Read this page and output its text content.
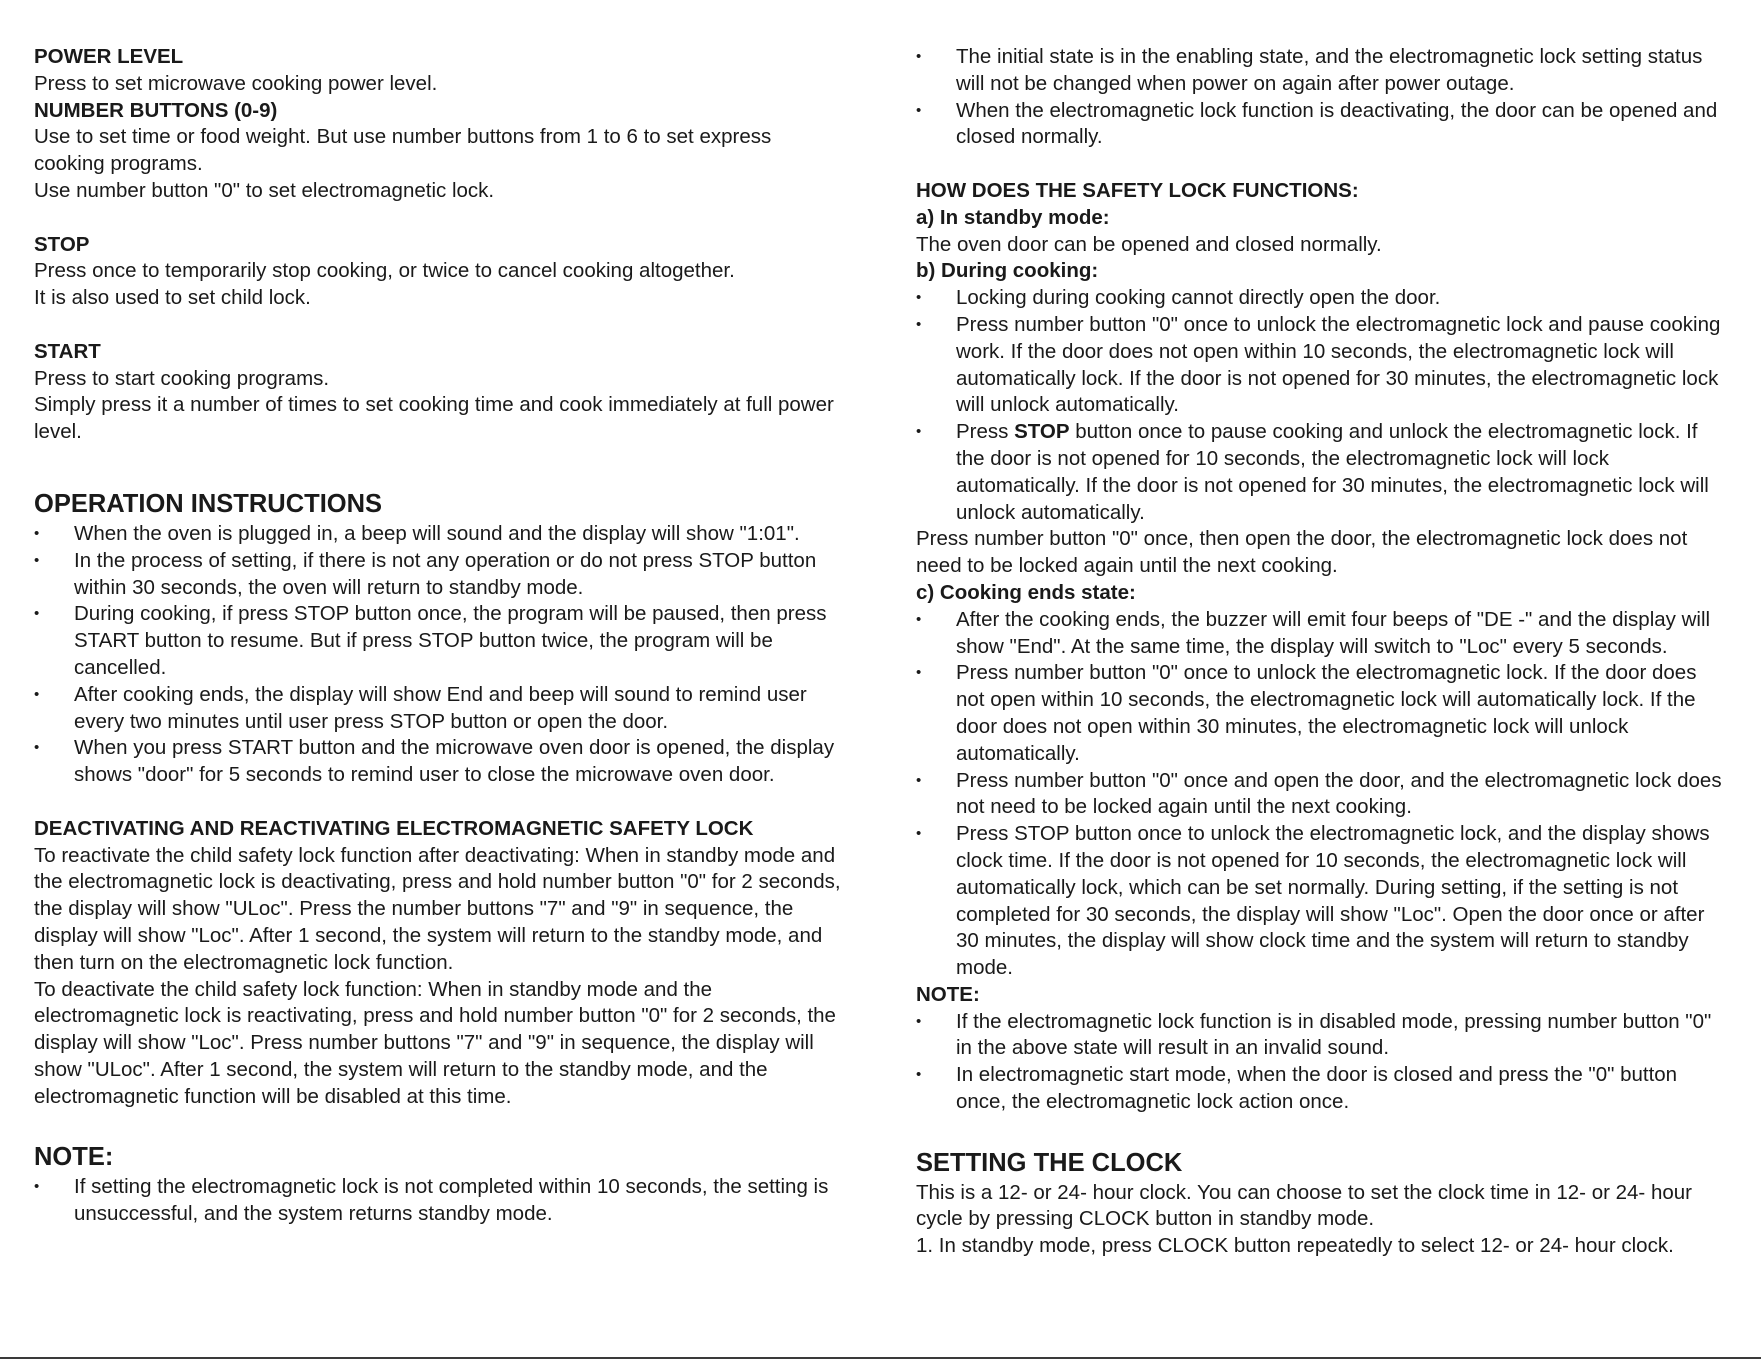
POWER LEVEL

Press to set microwave cooking power level.

NUMBER BUTTONS (0-9)

Use to set time or food weight. But use number buttons from 1 to 6 to set express cooking programs.

Use number button "0" to set electromagnetic lock.

STOP

Press once to temporarily stop cooking, or twice to cancel cooking altogether.

It is also used to set child lock.

START

Press to start cooking programs.

Simply press it a number of times to set cooking time and cook immediately at full power level.

OPERATION INSTRUCTIONS

• When the oven is plugged in, a beep will sound and the display will show "1:01".
• In the process of setting, if there is not any operation or do not press STOP button within 30 seconds, the oven will return to standby mode.
• During cooking, if press STOP button once, the program will be paused, then press START button to resume. But if press STOP button twice, the program will be cancelled.
• After cooking ends, the display will show End and beep will sound to remind user every two minutes until user press STOP button or open the door.
• When you press START button and the microwave oven door is opened, the display shows "door" for 5 seconds to remind user to close the microwave oven door.

DEACTIVATING AND REACTIVATING ELECTROMAGNETIC SAFETY LOCK

To reactivate the child safety lock function after deactivating: When in standby mode and the electromagnetic lock is deactivating, press and hold number button "0" for 2 seconds, the display will show "ULoc". Press the number buttons "7" and "9" in sequence, the display will show "Loc". After 1 second, the system will return to the standby mode, and then turn on the electromagnetic lock function.

To deactivate the child safety lock function: When in standby mode and the electromagnetic lock is reactivating, press and hold number button "0" for 2 seconds, the display will show "Loc". Press number buttons "7" and "9" in sequence, the display will show "ULoc". After 1 second, the system will return to the standby mode, and the electromagnetic function will be disabled at this time.

NOTE:

• If setting the electromagnetic lock is not completed within 10 seconds, the setting is unsuccessful, and the system returns standby mode.
• The initial state is in the enabling state, and the electromagnetic lock setting status will not be changed when power on again after power outage.
• When the electromagnetic lock function is deactivating, the door can be opened and closed normally.

HOW DOES THE SAFETY LOCK FUNCTIONS:

a) In standby mode:

The oven door can be opened and closed normally.

b) During cooking:

• Locking during cooking cannot directly open the door.
• Press number button "0" once to unlock the electromagnetic lock and pause cooking work. If the door does not open within 10 seconds, the electromagnetic lock will automatically lock. If the door is not opened for 30 minutes, the electromagnetic lock will unlock automatically.
• Press STOP button once to pause cooking and unlock the electromagnetic lock. If the door is not opened for 10 seconds, the electromagnetic lock will lock automatically. If the door is not opened for 30 minutes, the electromagnetic lock will unlock automatically.

Press number button "0" once, then open the door, the electromagnetic lock does not need to be locked again until the next cooking.

c) Cooking ends state:

• After the cooking ends, the buzzer will emit four beeps of "DE -" and the display will show "End". At the same time, the display will switch to "Loc" every 5 seconds.
• Press number button "0" once to unlock the electromagnetic lock. If the door does not open within 10 seconds, the electromagnetic lock will automatically lock. If the door does not open within 30 minutes, the electromagnetic lock will unlock automatically.
• Press number button "0" once and open the door, and the electromagnetic lock does not need to be locked again until the next cooking.
• Press STOP button once to unlock the electromagnetic lock, and the display shows clock time. If the door is not opened for 10 seconds, the electromagnetic lock will automatically lock, which can be set normally. During setting, if the setting is not completed for 30 seconds, the display will show "Loc". Open the door once or after 30 minutes, the display will show clock time and the system will return to standby mode.

NOTE:

• If the electromagnetic lock function is in disabled mode, pressing number button "0" in the above state will result in an invalid sound.
• In electromagnetic start mode, when the door is closed and press the "0" button once, the electromagnetic lock action once.

SETTING THE CLOCK

This is a 12- or 24- hour clock. You can choose to set the clock time in 12- or 24- hour cycle by pressing CLOCK button in standby mode.

1. In standby mode, press CLOCK button repeatedly to select 12- or 24- hour clock.
